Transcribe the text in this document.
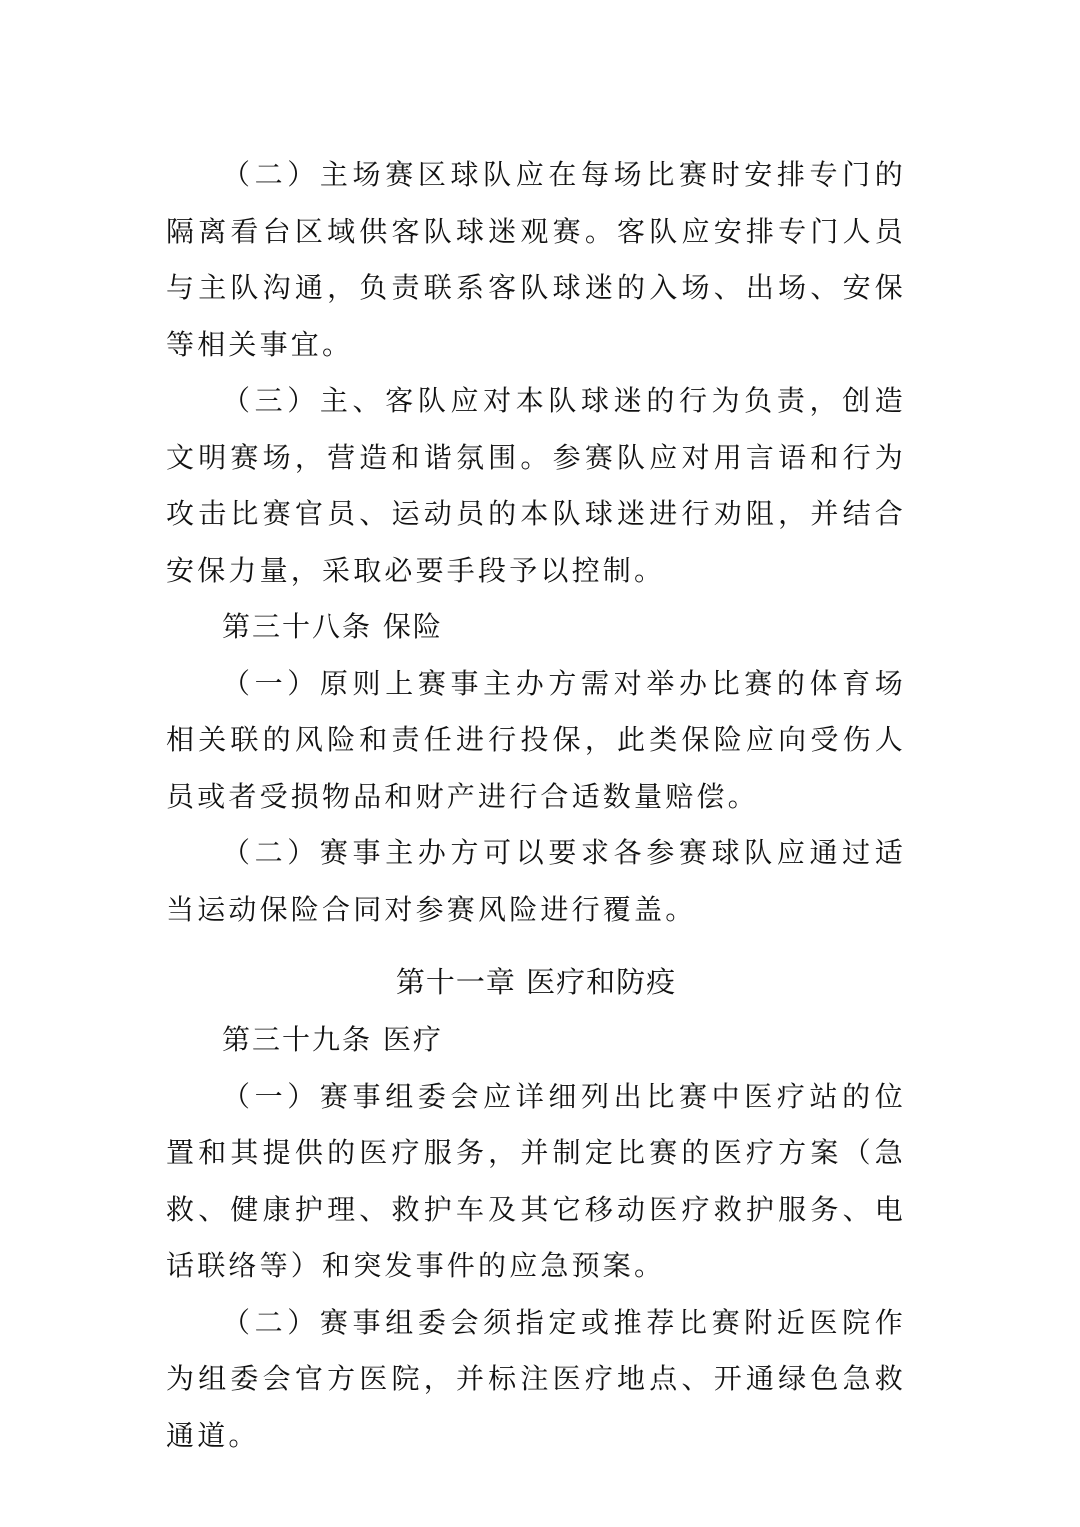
（二）主场赛区球队应在每场比赛时安排专门的隔离看台区域供客队球迷观赛。客队应安排专门人员与主队沟通，负责联系客队球迷的入场、出场、安保等相关事宜。

（三）主、客队应对本队球迷的行为负责，创造文明赛场，营造和谐氛围。参赛队应对用言语和行为攻击比赛官员、运动员的本队球迷进行劝阻，并结合安保力量，采取必要手段予以控制。

第三十八条 保险

（一）原则上赛事主办方需对举办比赛的体育场相关联的风险和责任进行投保，此类保险应向受伤人员或者受损物品和财产进行合适数量赔偿。

（二）赛事主办方可以要求各参赛球队应通过适当运动保险合同对参赛风险进行覆盖。

第十一章 医疗和防疫

第三十九条 医疗

（一）赛事组委会应详细列出比赛中医疗站的位置和其提供的医疗服务，并制定比赛的医疗方案（急救、健康护理、救护车及其它移动医疗救护服务、电话联络等）和突发事件的应急预案。

（二）赛事组委会须指定或推荐比赛附近医院作为组委会官方医院，并标注医疗地点、开通绿色急救通道。
